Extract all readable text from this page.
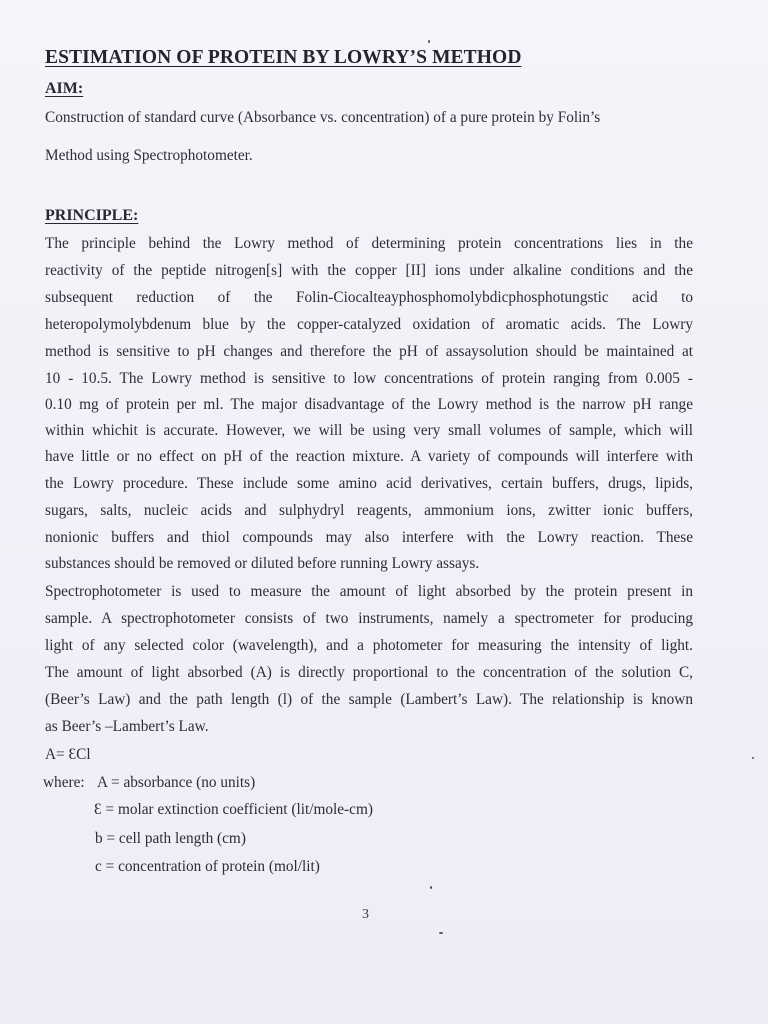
ESTIMATION OF PROTEIN BY LOWRY’S METHOD
AIM:
Construction of standard curve (Absorbance vs. concentration) of a pure protein by Folin’s
Method using Spectrophotometer.
PRINCIPLE:
The principle behind the Lowry method of determining protein concentrations lies in the
reactivity of the peptide nitrogen[s] with the copper [II] ions under alkaline conditions and the
subsequent reduction of the Folin-Ciocalteayphosphomolybdicphosphotungstic acid to
heteropolymolybdenum blue by the copper-catalyzed oxidation of aromatic acids. The Lowry
method is sensitive to pH changes and therefore the pH of assaysolution should be maintained at
10 - 10.5. The Lowry method is sensitive to low concentrations of protein ranging from 0.005 -
0.10 mg of protein per ml. The major disadvantage of the Lowry method is the narrow pH range
within whichit is accurate. However, we will be using very small volumes of sample, which will
have little or no effect on pH of the reaction mixture. A variety of compounds will interfere with
the Lowry procedure. These include some amino acid derivatives, certain buffers, drugs, lipids,
sugars, salts, nucleic acids and sulphydryl reagents, ammonium ions, zwitter ionic buffers,
nonionic buffers and thiol compounds may also interfere with the Lowry reaction. These
substances should be removed or diluted before running Lowry assays.
Spectrophotometer is used to measure the amount of light absorbed by the protein present in
sample. A spectrophotometer consists of two instruments, namely a spectrometer for producing
light of any selected color (wavelength), and a photometer for measuring the intensity of light.
The amount of light absorbed (A) is directly proportional to the concentration of the solution C,
(Beer’s Law) and the path length (l) of the sample (Lambert’s Law). The relationship is known
as Beer’s –Lambert’s Law.
A= ƐCl
where: A = absorbance (no units)
Ɛ = molar extinction coefficient (lit/mole-cm)
b = cell path length (cm)
c = concentration of protein (mol/lit)
3
